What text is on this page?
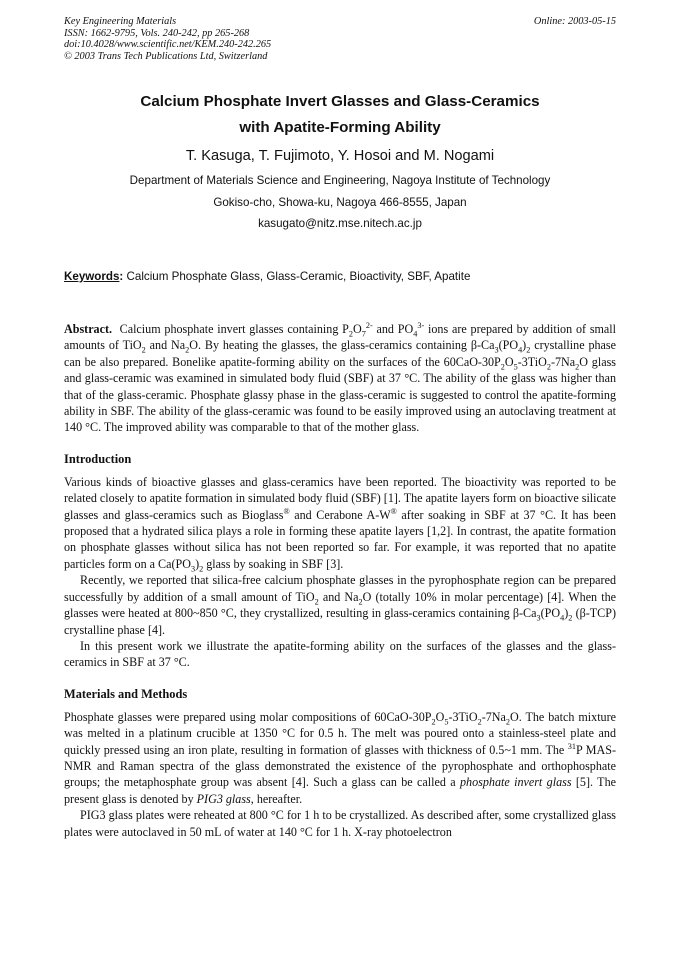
Key Engineering Materials
ISSN: 1662-9795, Vols. 240-242, pp 265-268
doi:10.4028/www.scientific.net/KEM.240-242.265
© 2003 Trans Tech Publications Ltd, Switzerland
Online: 2003-05-15
Calcium Phosphate Invert Glasses and Glass-Ceramics
with Apatite-Forming Ability
T. Kasuga, T. Fujimoto, Y. Hosoi and M. Nogami
Department of Materials Science and Engineering, Nagoya Institute of Technology
Gokiso-cho, Showa-ku, Nagoya 466-8555, Japan
kasugato@nitz.mse.nitech.ac.jp
Keywords: Calcium Phosphate Glass, Glass-Ceramic, Bioactivity, SBF, Apatite

Abstract. Calcium phosphate invert glasses containing $P_2O_7^{2-}$ and $PO_4^{3-}$ ions are prepared by addition of small amounts of TiO$_2$ and $Na_2O$. By heating the glasses, the glass-ceramics containing $\beta-Ca_3(PO_4)_2$ crystalline phase can be also prepared. Bonelike apatite-forming ability on the surfaces of the $60CaO-30P_2O_5-3TiO_2-7Na_2O$ glass and glass-ceramic was examined in simulated body fluid (SBF) at 37 °C. The ability of the glass was higher than that of the glass-ceramic. Phosphate glassy phase in the glass-ceramic is suggested to control the apatite-forming ability in SBF. The ability of the glass-ceramic was found to be easily improved using an autoclaving treatment at 140 °C. The improved ability was comparable to that of the mother glass.

Introduction

Various kinds of bioactive glasses and glass-ceramics have been reported. The bioactivity was reported to be related closely to apatite formation in simulated body fluid (SBF) [1]. The apatite layers form on bioactive silicate glasses and glass-ceramics such as Bioglass® and Cerabone A-W® after soaking in SBF at 37 °C. It has been proposed that a hydrated silica plays a role in forming these apatite layers [1,2]. In contrast, the apatite formation on phosphate glasses without silica has not been reported so far. For example, it was reported that no apatite particles form on a $Ca(PO_3)_2$ glass by soaking in SBF [3].

Recently, we reported that silica-free calcium phosphate glasses in the pyrophosphate region can be prepared successfully by addition of a small amount of TiO$_2$ and $Na_2O$ (totally 10% in molar percentage) [4]. When the glasses were heated at 800~850 °C, they crystallized, resulting in glass-ceramics containing $\beta-Ca_3(PO_4)_2$ (β-TCP) crystalline phase [4].

In this present work we illustrate the apatite-forming ability on the surfaces of the glasses and the glass-ceramics in SBF at 37 °C.

Materials and Methods

Phosphate glasses were prepared using molar compositions of $60CaO-30P_2O_5-3TiO_2-7Na_2O$. The batch mixture was melted in a platinum crucible at 1350 °C for 0.5 h. The melt was poured onto a stainless-steel plate and quickly pressed using an iron plate, resulting in formation of glasses with thickness of 0.5~1 mm. The $^{31}$P MAS-NMR and Raman spectra of the glass demonstrated the existence of the pyrophosphate and orthophosphate groups; the metaphosphate group was absent [4]. Such a glass can be called a phosphate invert glass [5]. The present glass is denoted by PIG3 glass, hereafter.

PIG3 glass plates were reheated at 800 °C for 1 h to be crystallized. As described after, some crystallized glass plates were autoclaved in 50 mL of water at 140 °C for 1 h. X-ray photoelectron
